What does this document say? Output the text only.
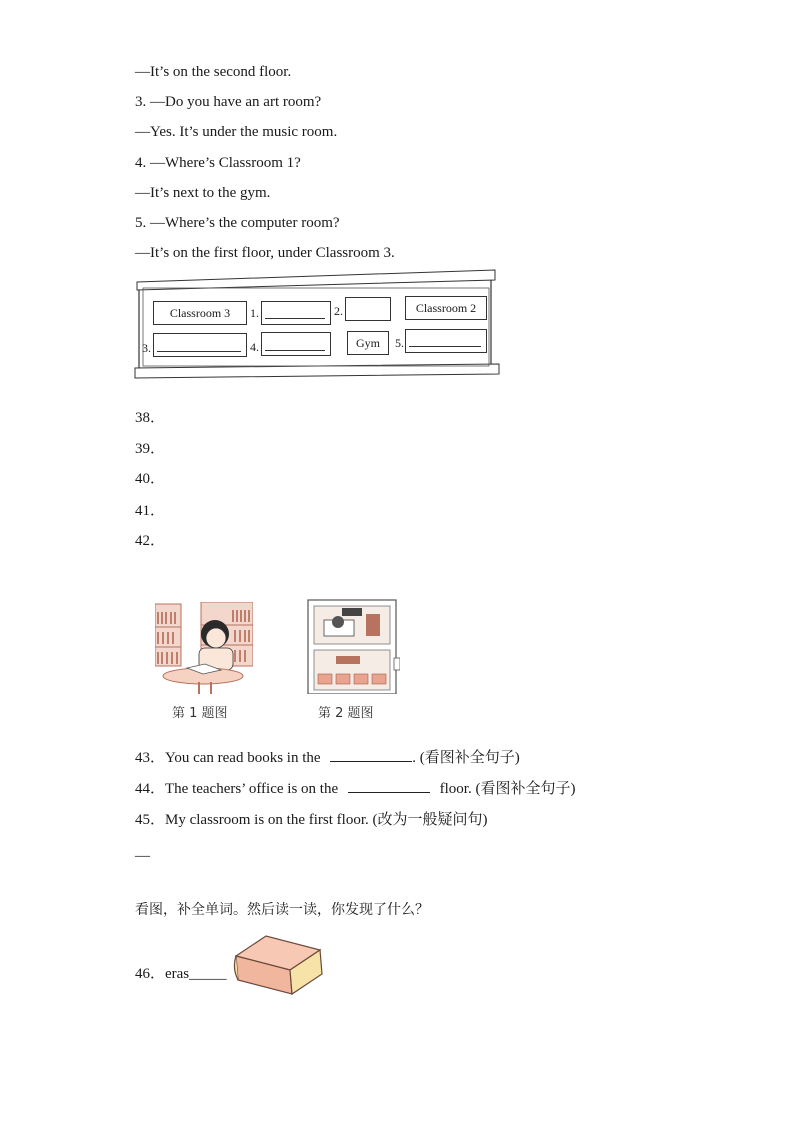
—It’s on the second floor.
3. —Do you have an art room?
—Yes. It’s under the music room.
4. —Where’s Classroom 1?
—It’s next to the gym.
5. —Where’s the computer room?
—It’s on the first floor, under Classroom 3.
Classroom 3	1.	2.	Classroom 2
3.	4.	Gym	5.
38．
39．
40．
41．
42．
第 1 题图	第 2 题图
43．You can read books in the	. (看图补全句子)
44．The teachers’ office is on the	floor. (看图补全句子)
45．My classroom is on the first floor. (改为一般疑问句)
—
看图，补全单词。然后读一读，你发现了什么？
46．eras_____
